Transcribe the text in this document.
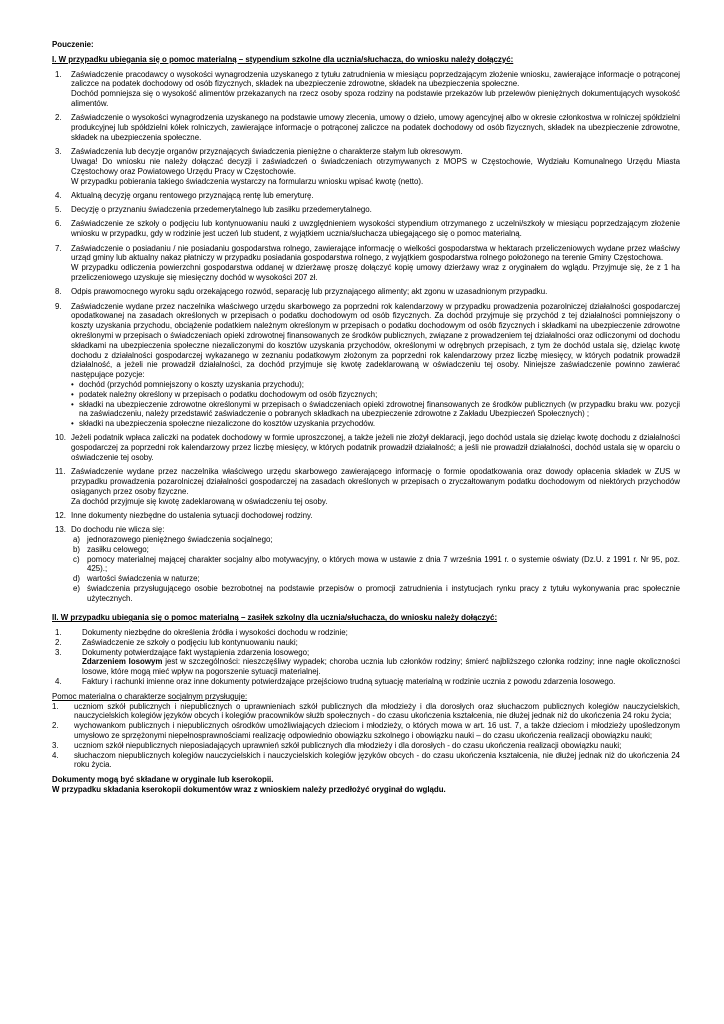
Pouczenie:

I. W przypadku ubiegania się o pomoc materialną – stypendium szkolne dla ucznia/słuchacza, do wniosku należy dołączyć:

1.	Zaświadczenie pracodawcy o wysokości wynagrodzenia uzyskanego z tytułu zatrudnienia w miesiącu poprzedzającym złożenie wniosku, zawierające informacje o potrąconej zaliczce na podatek dochodowy od osób fizycznych, składek na ubezpieczenie zdrowotne, składek na ubezpieczenia społeczne.

Dochód pomniejsza się o wysokość alimentów przekazanych na rzecz osoby spoza rodziny na podstawie przekazów lub przelewów pieniężnych dokumentujących wysokość alimentów.

2.	Zaświadczenie o wysokości wynagrodzenia uzyskanego na podstawie umowy zlecenia, umowy o dzieło, umowy agencyjnej albo w okresie członkostwa w rolniczej spółdzielni produkcyjnej lub spółdzielni kółek rolniczych, zawierające informacje o potrąconej zaliczce na podatek dochodowy od osób fizycznych, składek na ubezpieczenie zdrowotne, składek na ubezpieczenia społeczne.

3.	Zaświadczenia lub decyzje organów przyznających świadczenia pieniężne o charakterze stałym lub okresowym.

Uwaga! Do wniosku nie należy dołączać decyzji i zaświadczeń o świadczeniach otrzymywanych z MOPS w Częstochowie, Wydziału Komunalnego Urzędu Miasta Częstochowy oraz Powiatowego Urzędu Pracy w Częstochowie.

W przypadku pobierania takiego świadczenia wystarczy na formularzu wniosku wpisać kwotę (netto).

4.	Aktualną decyzję organu rentowego przyznającą rentę lub emeryturę.

5.	Decyzję o przyznaniu świadczenia przedemerytalnego lub zasiłku przedemerytalnego.

6.	Zaświadczenie ze szkoły o podjęciu lub kontynuowaniu nauki z uwzględnieniem wysokości stypendium otrzymanego z uczelni/szkoły w miesiącu poprzedzającym złożenie wniosku w przypadku, gdy w rodzinie jest uczeń lub student, z wyjątkiem ucznia/słuchacza ubiegającego się o pomoc materialną.

7.	Zaświadczenie o posiadaniu / nie posiadaniu gospodarstwa rolnego, zawierające informację o wielkości gospodarstwa w hektarach przeliczeniowych wydane przez właściwy urząd gminy lub aktualny nakaz płatniczy w przypadku posiadania gospodarstwa rolnego, z wyjątkiem gospodarstwa rolnego położonego na terenie Gminy Częstochowa.

W przypadku odliczenia powierzchni gospodarstwa oddanej w dzierżawę proszę dołączyć kopię umowy dzierżawy wraz z oryginałem do wglądu. Przyjmuje się, że z 1 ha przeliczeniowego uzyskuje się miesięczny dochód w wysokości 207 zł.

8.	Odpis prawomocnego wyroku sądu orzekającego rozwód, separację lub przyznającego alimenty; akt zgonu w uzasadnionym przypadku.

9.	Zaświadczenie wydane przez naczelnika właściwego urzędu skarbowego za poprzedni rok kalendarzowy w przypadku prowadzenia pozarolniczej działalności gospodarczej opodatkowanej na zasadach określonych w przepisach o podatku dochodowym od osób fizycznych. Za dochód przyjmuje się przychód z tej działalności pomniejszony o koszty uzyskania przychodu, obciążenie podatkiem należnym określonym w przepisach o podatku dochodowym od osób fizycznych i składkami na ubezpieczenie zdrowotne określonymi w przepisach o świadczeniach opieki zdrowotnej finansowanych ze środków publicznych, związane z prowadzeniem tej działalności oraz odliczonymi od dochodu składkami na ubezpieczenia społeczne niezaliczonymi do kosztów uzyskania przychodów, określonymi w odrębnych przepisach, z tym że dochód ustala się, dzieląc kwotę dochodu z działalności gospodarczej wykazanego w zeznaniu podatkowym złożonym za poprzedni rok kalendarzowy przez liczbę miesięcy, w których podatnik prowadził działalność, a jeżeli nie prowadził działalności, za dochód przyjmuje się kwotę zadeklarowaną w oświadczeniu tej osoby. Niniejsze zaświadczenie powinno zawierać następujące pozycje:

• dochód (przychód pomniejszony o koszty uzyskania przychodu);
• podatek należny określony w przepisach o podatku dochodowym od osób fizycznych;
• składki na ubezpieczenie zdrowotne określonymi w przepisach o świadczeniach opieki zdrowotnej finansowanych ze środków publicznych (w przypadku braku ww. pozycji na zaświadczeniu, należy przedstawić zaświadczenie o pobranych składkach na ubezpieczenie zdrowotne z Zakładu Ubezpieczeń Społecznych) ;
• składki na ubezpieczenia społeczne niezaliczone do kosztów uzyskania przychodów.
10. Jeżeli podatnik wpłaca zaliczki na podatek dochodowy w formie uproszczonej, a także jeżeli nie złożył deklaracji, jego dochód ustala się dzieląc kwotę dochodu z działalności gospodarczej za poprzedni rok kalendarzowy przez liczbę miesięcy, w których podatnik prowadził działalność; a jeśli nie prowadził działalności, dochód ustala się w oparciu o oświadczenie tej osoby.

11. Zaświadczenie wydane przez naczelnika właściwego urzędu skarbowego zawierającego informację o formie opodatkowania oraz dowody opłacenia składek w ZUS w przypadku prowadzenia pozarolniczej działalności gospodarczej na zasadach określonych w przepisach o zryczałtowanym podatku dochodowym od niektórych przychodów osiąganych przez osoby fizyczne.

Za dochód przyjmuje się kwotę zadeklarowaną w oświadczeniu tej osoby.

12. Inne dokumenty niezbędne do ustalenia sytuacji dochodowej rodziny.

13. Do dochodu nie wlicza się:

a) jednorazowego pieniężnego świadczenia socjalnego;
b) zasiłku celowego;
c) pomocy materialnej mającej charakter socjalny albo motywacyjny, o których mowa w ustawie z dnia 7 września 1991 r. o systemie oświaty (Dz.U. z 1991 r. Nr 95, poz. 425).;
d) wartości świadczenia w naturze;
e) świadczenia przysługującego osobie bezrobotnej na podstawie przepisów o promocji zatrudnienia i instytucjach rynku pracy z tytułu wykonywania prac społecznie użytecznych.

II. W przypadku ubiegania się o pomoc materialną – zasiłek szkolny dla ucznia/słuchacza, do wniosku należy dołączyć:

1.	Dokumenty niezbędne do określenia źródła i wysokości dochodu w rodzinie;

2.	Zaświadczenie ze szkoły o podjęciu lub kontynuowaniu nauki;

3.	Dokumenty potwierdzające fakt wystąpienia zdarzenia losowego;

Zdarzeniem losowym jest w szczególności: nieszczęśliwy wypadek; choroba ucznia lub członków rodziny; śmierć najbliższego członka rodziny; inne nagłe okoliczności losowe, które mogą mieć wpływ na pogorszenie sytuacji materialnej.

4.	Faktury i rachunki imienne oraz inne dokumenty potwierdzające przejściowo trudną sytuację materialną w rodzinie ucznia z powodu zdarzenia losowego.

Pomoc materialna o charakterze socjalnym przysługuje:

1.	uczniom szkół publicznych i niepublicznych o uprawnieniach szkół publicznych dla młodzieży i dla dorosłych oraz słuchaczom publicznych kolegiów nauczycielskich, nauczycielskich kolegiów języków obcych i kolegiów pracowników służb społecznych - do czasu ukończenia kształcenia, nie dłużej jednak niż do ukończenia 24 roku życia;
2.	wychowankom publicznych i niepublicznych ośrodków umożliwiających dzieciom i młodzieży, o których mowa w art. 16 ust. 7, a także dzieciom i młodzieży upośledzonym umysłowo ze sprzężonymi niepełnosprawnościami realizację odpowiednio obowiązku szkolnego i obowiązku nauki – do czasu ukończenia realizacji obowiązku nauki;
3.	uczniom szkół niepublicznych nieposiadających uprawnień szkół publicznych dla młodzieży i dla dorosłych - do czasu ukończenia realizacji obowiązku nauki;
4.	słuchaczom niepublicznych kolegiów nauczycielskich i nauczycielskich kolegiów języków obcych - do czasu ukończenia kształcenia, nie dłużej jednak niż do ukończenia 24 roku życia.

Dokumenty mogą być składane w oryginale lub kserokopii.

W przypadku składania kserokopii dokumentów wraz z wnioskiem należy przedłożyć oryginał do wglądu.
